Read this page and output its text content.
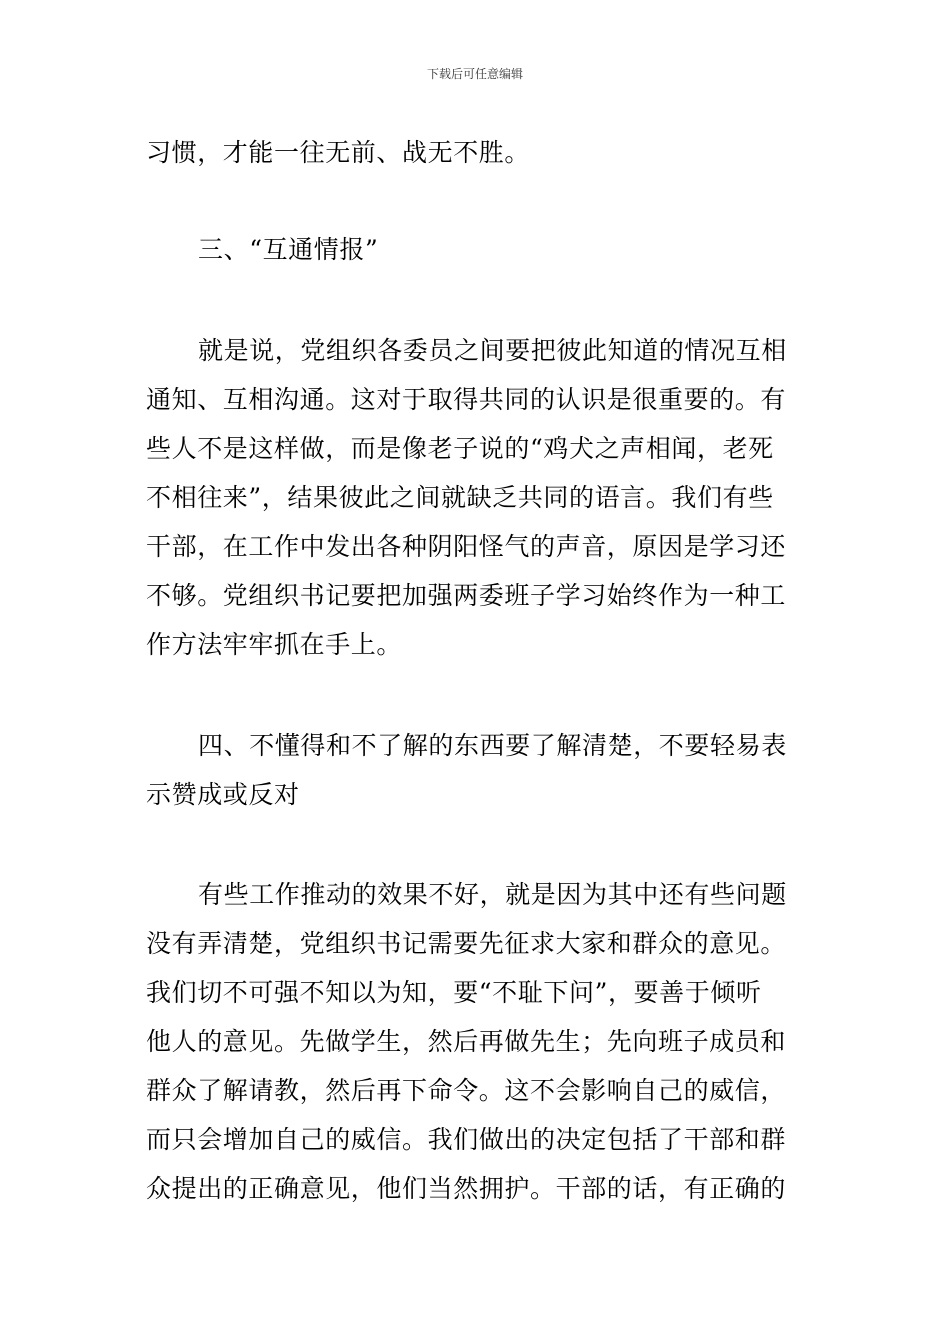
下载后可任意编辑
习惯，才能一往无前、战无不胜。
三、“互通情报”
就是说，党组织各委员之间要把彼此知道的情况互相
通知、互相沟通。这对于取得共同的认识是很重要的。有
些人不是这样做，而是像老子说的“鸡犬之声相闻，老死
不相往来”，结果彼此之间就缺乏共同的语言。我们有些
干部，在工作中发出各种阴阳怪气的声音，原因是学习还
不够。党组织书记要把加强两委班子学习始终作为一种工
作方法牢牢抓在手上。
四、不懂得和不了解的东西要了解清楚，不要轻易表
示赞成或反对
有些工作推动的效果不好，就是因为其中还有些问题
没有弄清楚，党组织书记需要先征求大家和群众的意见。
我们切不可强不知以为知，要“不耻下问”，要善于倾听
他人的意见。先做学生，然后再做先生；先向班子成员和
群众了解请教，然后再下命令。这不会影响自己的威信，
而只会增加自己的威信。我们做出的决定包括了干部和群
众提出的正确意见，他们当然拥护。干部的话，有正确的
